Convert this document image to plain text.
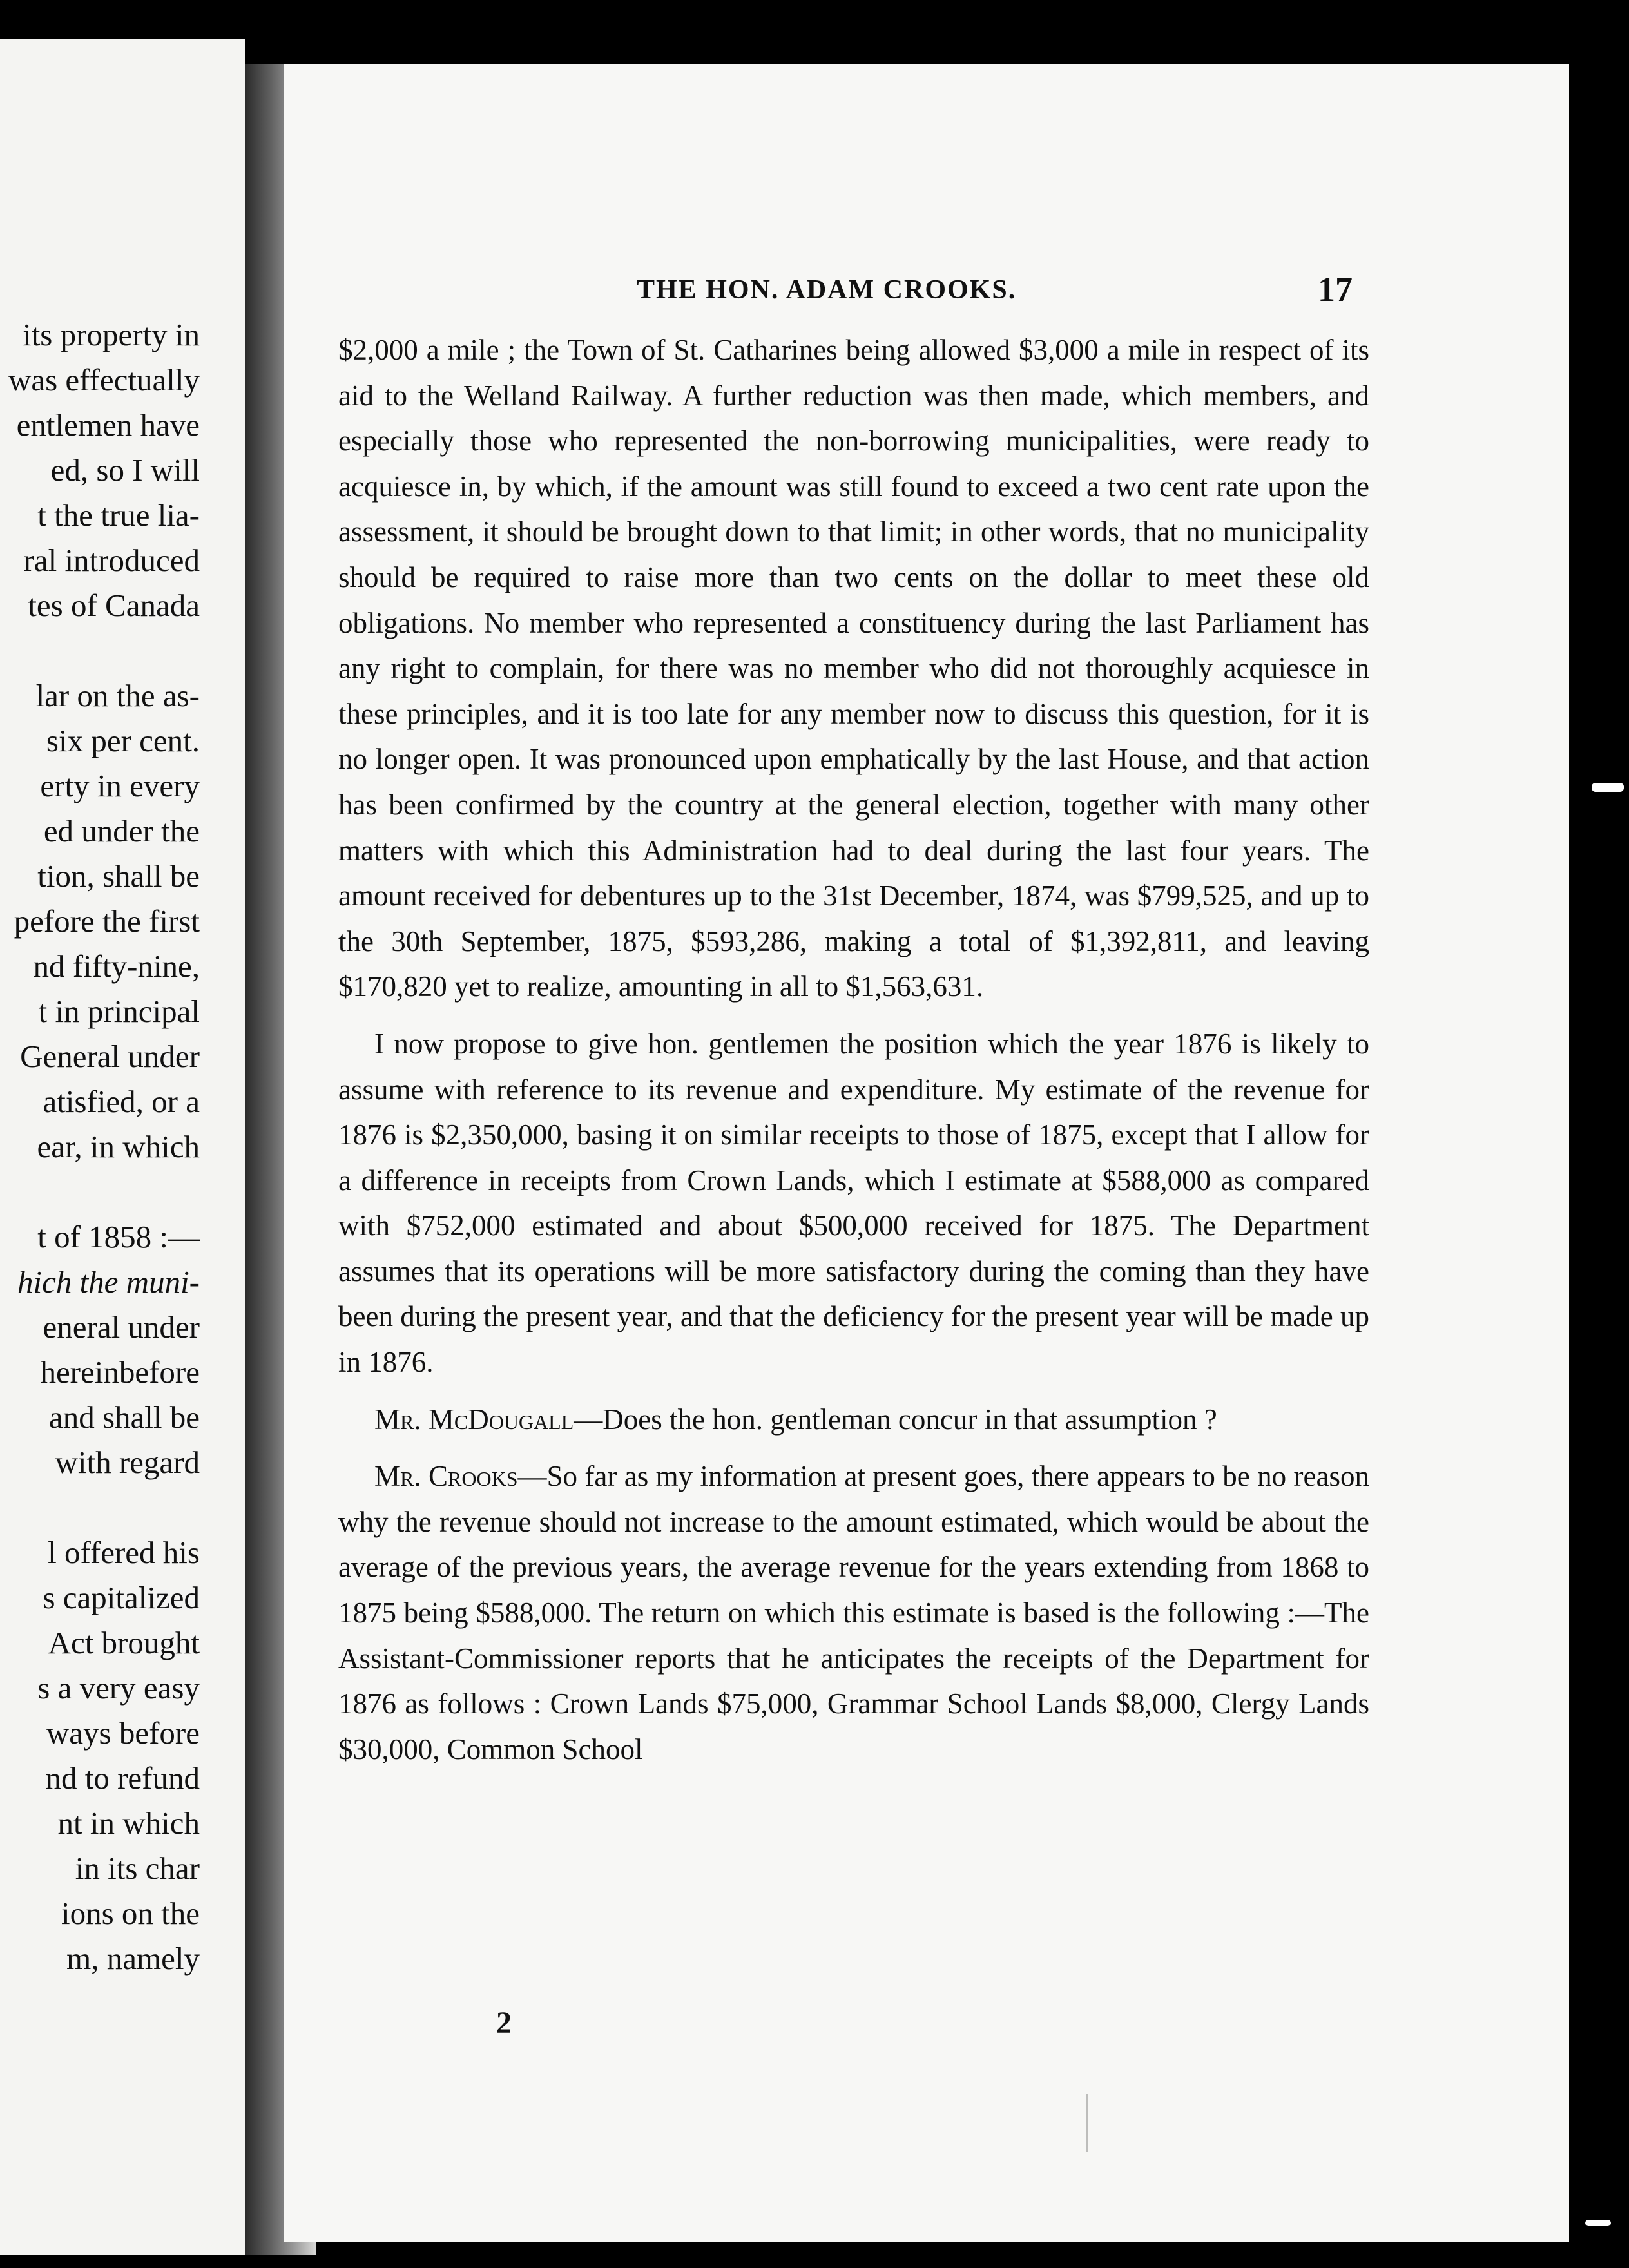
its property in
was effectually
entlemen have
ed, so I will
t the true lia-
ral introduced
tes of Canada
lar on the as-
six per cent.
erty in every
ed under the
tion, shall be
pefore the first
nd fifty-nine,
t in principal
General under
atisfied, or a
ear, in which
t of 1858 :—
hich the muni-
eneral under
hereinbefore
and shall be
with regard
l offered his
s capitalized
Act brought
s a very easy
ways before
nd to refund
nt in which
in its char
ions on the
m, namely
THE HON. ADAM CROOKS.	17

$2,000 a mile ; the Town of St. Catharines being allowed $3,000 a mile in respect of its aid to the Welland Railway. A further reduction was then made, which members, and especially those who represented the non-borrowing municipalities, were ready to acquiesce in, by which, if the amount was still found to exceed a two cent rate upon the assessment, it should be brought down to that limit; in other words, that no municipality should be required to raise more than two cents on the dollar to meet these old obligations. No member who represented a constituency during the last Parliament has any right to complain, for there was no member who did not thoroughly acquiesce in these principles, and it is too late for any member now to discuss this question, for it is no longer open. It was pronounced upon emphatically by the last House, and that action has been confirmed by the country at the general election, together with many other matters with which this Administration had to deal during the last four years. The amount received for debentures up to the 31st December, 1874, was $799,525, and up to the 30th September, 1875, $593,286, making a total of $1,392,811, and leaving $170,820 yet to realize, amounting in all to $1,563,631.

I now propose to give hon. gentlemen the position which the year 1876 is likely to assume with reference to its revenue and expenditure. My estimate of the revenue for 1876 is $2,350,000, basing it on similar receipts to those of 1875, except that I allow for a difference in receipts from Crown Lands, which I estimate at $588,000 as compared with $752,000 estimated and about $500,000 received for 1875. The Department assumes that its operations will be more satisfactory during the coming than they have been during the present year, and that the deficiency for the present year will be made up in 1876.

Mr. McDougall—Does the hon. gentleman concur in that assumption ?

Mr. Crooks—So far as my information at present goes, there appears to be no reason why the revenue should not increase to the amount estimated, which would be about the average of the previous years, the average revenue for the years extending from 1868 to 1875 being $588,000. The return on which this estimate is based is the following :—The Assistant-Commissioner reports that he anticipates the receipts of the Department for 1876 as follows : Crown Lands $75,000, Grammar School Lands $8,000, Clergy Lands $30,000, Common School

2
